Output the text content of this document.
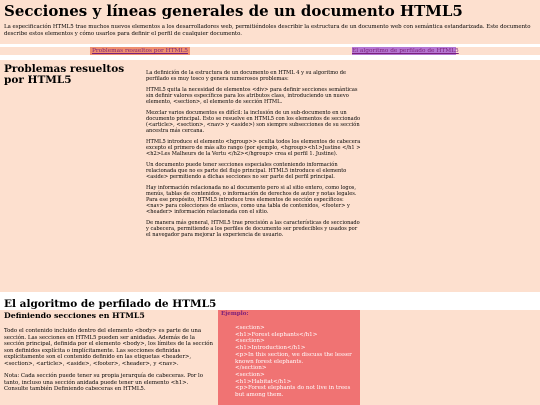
Secciones y líneas generales de un documento HTML5
La especificación HTML5 trae muchos nuevos elementos a los desarrolladores web, permitiéndoles describir la estructura de un documento web con semántica estandarizada. Este documento describe estos elementos y cómo usarlos para definir el perfil de cualquier documento.
Problemas resueltos por HTML5	El algoritmo de perfilado de HTML5
Problemas resueltos por HTML5

La definición de la estructura de un documento en HTML 4 y su algoritmo de perfilado es muy tosco y genera numerosos problemas:

HTML5 quita la necesidad de elementos <div> para definir secciones semánticas sin definir valores específicos para los atributos class, introduciendo un nuevo elemento, <section>, el elemento de sección HTML.

Mezclar varios documentos es difícil: la inclusión de un sub-documento en un documento principal. Esto se resuelve en HTML5 con los elementos de seccionado (<article>, <section>, <nav> y <aside>) son siempre subsecciones de su sección ancestra más cercana.

HTML5 introduce el elemento <hgroup>> oculta todos los elementos de cabecera excepto el primero de más alto rango (por ejemplo, <hgroup><h1>Justine </h1 ><h2>Les Malheurs de la Vertu </h2></hgroup> crea el perfil 1. Justine).

Un documento puede tener secciones especiales conteniendo información relacionada que no es parte del flujo principal. HTML5 introduce el elemento <aside> permitiendo a dichas secciones no ser parte del perfil principal.

Hay información relacionada no al documento pero si al sitio entero, como logos, menús, tablas de contenidos, o información de derechos de autor y notas legales. Para ese propósito, HTML5 introduce tres elementos de sección específicos: <nav> para colecciones de enlaces, como una tabla de contenidos, <footer> y <header> información relacionada con el sitio.

De manera más general, HTML5 trae precisión a las características de seccionado y cabecera, permitiendo a los perfiles de documento ser predecibles y usados por el navegador para mejorar la experiencia de usuario.

El algoritmo de perfilado de HTML5
Definiendo secciones en HTML5

Todo el contenido incluido dentro del elemento <body> es parte de una sección. Las secciones en HTML5 pueden ser anidadas. Además de la sección principal, definida por el elemento <body>, los límites de la sección son definidos explícita o implícitamente. Las secciones definidas explícitamente son el contenido definido en las etiquetas <header>, <section>, <article>, <aside>, <footer>, <header>, y <nav>.

Nota: Cada sección puede tener su propia jerarquía de cabeceras. Por lo tanto, incluso una sección anidada puede tener un elemento <h1>. Consulte también Definiendo cabeceras en HTML5.

Ejemplo:
<section>
<h1>Forest elephants</h1>
<section>
<h1>Introduction</h1>
<p>In this section, we discuss the lesser known forest elephants.
</section>
<section>
<h1>Habitat</h1>
<p>Forest elephants do not live in trees but among them.
